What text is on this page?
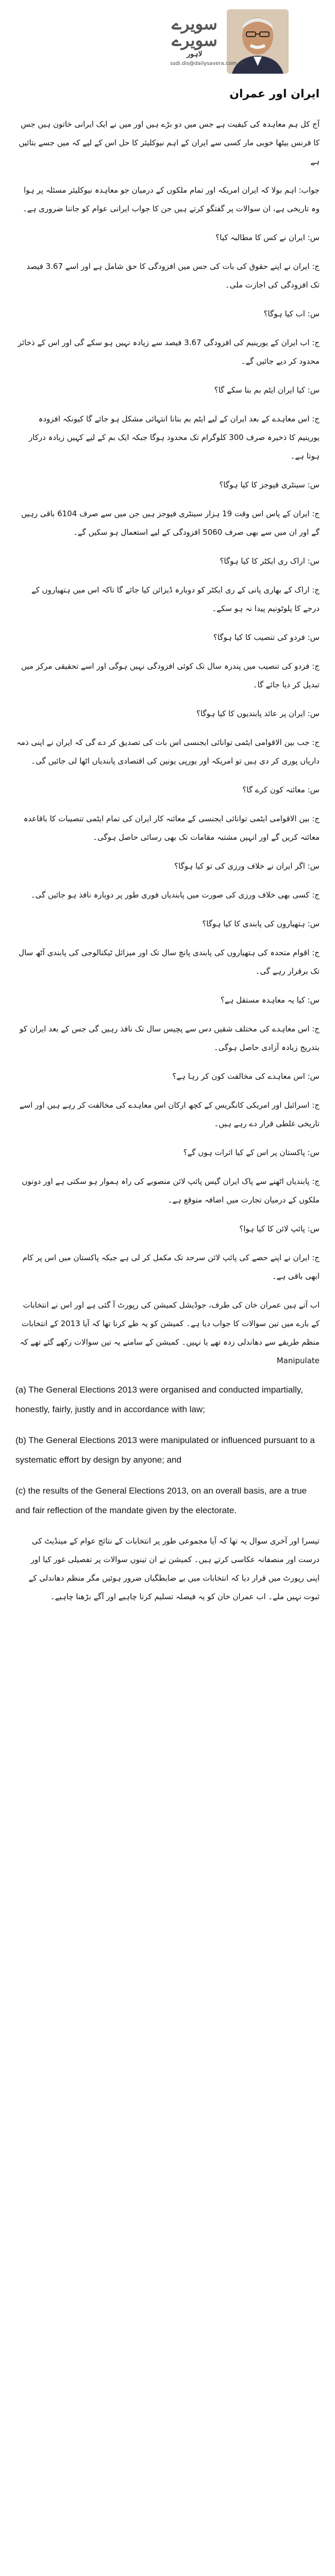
سویرے
سویرے
لاہور
ssdi.dis@dailysavera.com.pk
ایران اور عمران

آج کل ہم معاہدہ کی کیفیت ہے جس میں دو بڑے ہیں اور میں نے ایک ایرانی خاتون ہیں جس کا فرنس بیٹھا خوبی مار کسی سے ایران کے اہم نیوکلیئر کا حل اس کے لیے کہ میں جسے بتائیں ہے

جواب: اہم بولا کہ ایران امریکہ اور تمام ملکوں کے درمیان جو معاہدہ نیوکلیئر مسئلہ پر ہوا وہ تاریخی ہے، ان سوالات پر گفتگو کرتے ہیں جن کا جواب ایرانی عوام کو جاننا ضروری ہے۔

س: ایران نے کس کا مطالبہ کیا؟

ج: ایران نے اپنے حقوق کی بات کی جس میں افزودگی کا حق شامل ہے اور اسے 3.67 فیصد تک افزودگی کی اجازت ملی۔

س: اب کیا ہوگا؟

ج: اب ایران کے یورینیم کی افزودگی 3.67 فیصد سے زیادہ نہیں ہو سکے گی اور اس کے ذخائر محدود کر دیے جائیں گے۔

س: کیا ایران ایٹم بم بنا سکے گا؟

ج: اس معاہدے کے بعد ایران کے لیے ایٹم بم بنانا انتہائی مشکل ہو جائے گا کیونکہ افزودہ یورینیم کا ذخیرہ صرف 300 کلوگرام تک محدود ہوگا جبکہ ایک بم کے لیے کہیں زیادہ درکار ہوتا ہے۔

س: سینٹری فیوجز کا کیا ہوگا؟

ج: ایران کے پاس اس وقت 19 ہزار سینٹری فیوجز ہیں جن میں سے صرف 6104 باقی رہیں گے اور ان میں سے بھی صرف 5060 افزودگی کے لیے استعمال ہو سکیں گے۔

س: اراک ری ایکٹر کا کیا ہوگا؟

ج: اراک کے بھاری پانی کے ری ایکٹر کو دوبارہ ڈیزائن کیا جائے گا تاکہ اس میں ہتھیاروں کے درجے کا پلوٹونیم پیدا نہ ہو سکے۔

س: فردو کی تنصیب کا کیا ہوگا؟

ج: فردو کی تنصیب میں پندرہ سال تک کوئی افزودگی نہیں ہوگی اور اسے تحقیقی مرکز میں تبدیل کر دیا جائے گا۔

س: ایران پر عائد پابندیوں کا کیا ہوگا؟

ج: جب بین الاقوامی ایٹمی توانائی ایجنسی اس بات کی تصدیق کر دے گی کہ ایران نے اپنی ذمہ داریاں پوری کر دی ہیں تو امریکہ اور یورپی یونین کی اقتصادی پابندیاں اٹھا لی جائیں گی۔

س: معائنہ کون کرے گا؟

ج: بین الاقوامی ایٹمی توانائی ایجنسی کے معائنہ کار ایران کی تمام ایٹمی تنصیبات کا باقاعدہ معائنہ کریں گے اور انہیں مشتبہ مقامات تک بھی رسائی حاصل ہوگی۔

س: اگر ایران نے خلاف ورزی کی تو کیا ہوگا؟

ج: کسی بھی خلاف ورزی کی صورت میں پابندیاں فوری طور پر دوبارہ نافذ ہو جائیں گی۔

س: ہتھیاروں کی پابندی کا کیا ہوگا؟

ج: اقوام متحدہ کی ہتھیاروں کی پابندی پانچ سال تک اور میزائل ٹیکنالوجی کی پابندی آٹھ سال تک برقرار رہے گی۔

س: کیا یہ معاہدہ مستقل ہے؟

ج: اس معاہدے کی مختلف شقیں دس سے پچیس سال تک نافذ رہیں گی جس کے بعد ایران کو بتدریج زیادہ آزادی حاصل ہوگی۔

س: اس معاہدے کی مخالفت کون کر رہا ہے؟

ج: اسرائیل اور امریکی کانگریس کے کچھ ارکان اس معاہدے کی مخالفت کر رہے ہیں اور اسے تاریخی غلطی قرار دے رہے ہیں۔

س: پاکستان پر اس کے کیا اثرات ہوں گے؟

ج: پابندیاں اٹھنے سے پاک ایران گیس پائپ لائن منصوبے کی راہ ہموار ہو سکتی ہے اور دونوں ملکوں کے درمیان تجارت میں اضافہ متوقع ہے۔

س: پائپ لائن کا کیا ہوا؟

ج: ایران نے اپنے حصے کی پائپ لائن سرحد تک مکمل کر لی ہے جبکہ پاکستان میں اس پر کام ابھی باقی ہے۔

اب آتے ہیں عمران خان کی طرف، جوڈیشل کمیشن کی رپورٹ آ گئی ہے اور اس نے انتخابات کے بارے میں تین سوالات کا جواب دیا ہے۔ کمیشن کو یہ طے کرنا تھا کہ آیا 2013 کے انتخابات منظم طریقے سے دھاندلی زدہ تھے یا نہیں۔ کمیشن کے سامنے یہ تین سوالات رکھے گئے تھے کہ Manipulate

(a) The General Elections 2013 were organised and conducted impartially, honestly, fairly, justly and in accordance with law;

(b) The General Elections 2013 were manipulated or influenced pursuant to a systematic effort by design by anyone; and

(c) the results of the General Elections 2013, on an overall basis, are a true and fair reflection of the mandate given by the electorate.

تیسرا اور آخری سوال یہ تھا کہ آیا مجموعی طور پر انتخابات کے نتائج عوام کے مینڈیٹ کی درست اور منصفانہ عکاسی کرتے ہیں۔ کمیشن نے ان تینوں سوالات پر تفصیلی غور کیا اور اپنی رپورٹ میں قرار دیا کہ انتخابات میں بے ضابطگیاں ضرور ہوئیں مگر منظم دھاندلی کے ثبوت نہیں ملے۔ اب عمران خان کو یہ فیصلہ تسلیم کرنا چاہیے اور آگے بڑھنا چاہیے۔
